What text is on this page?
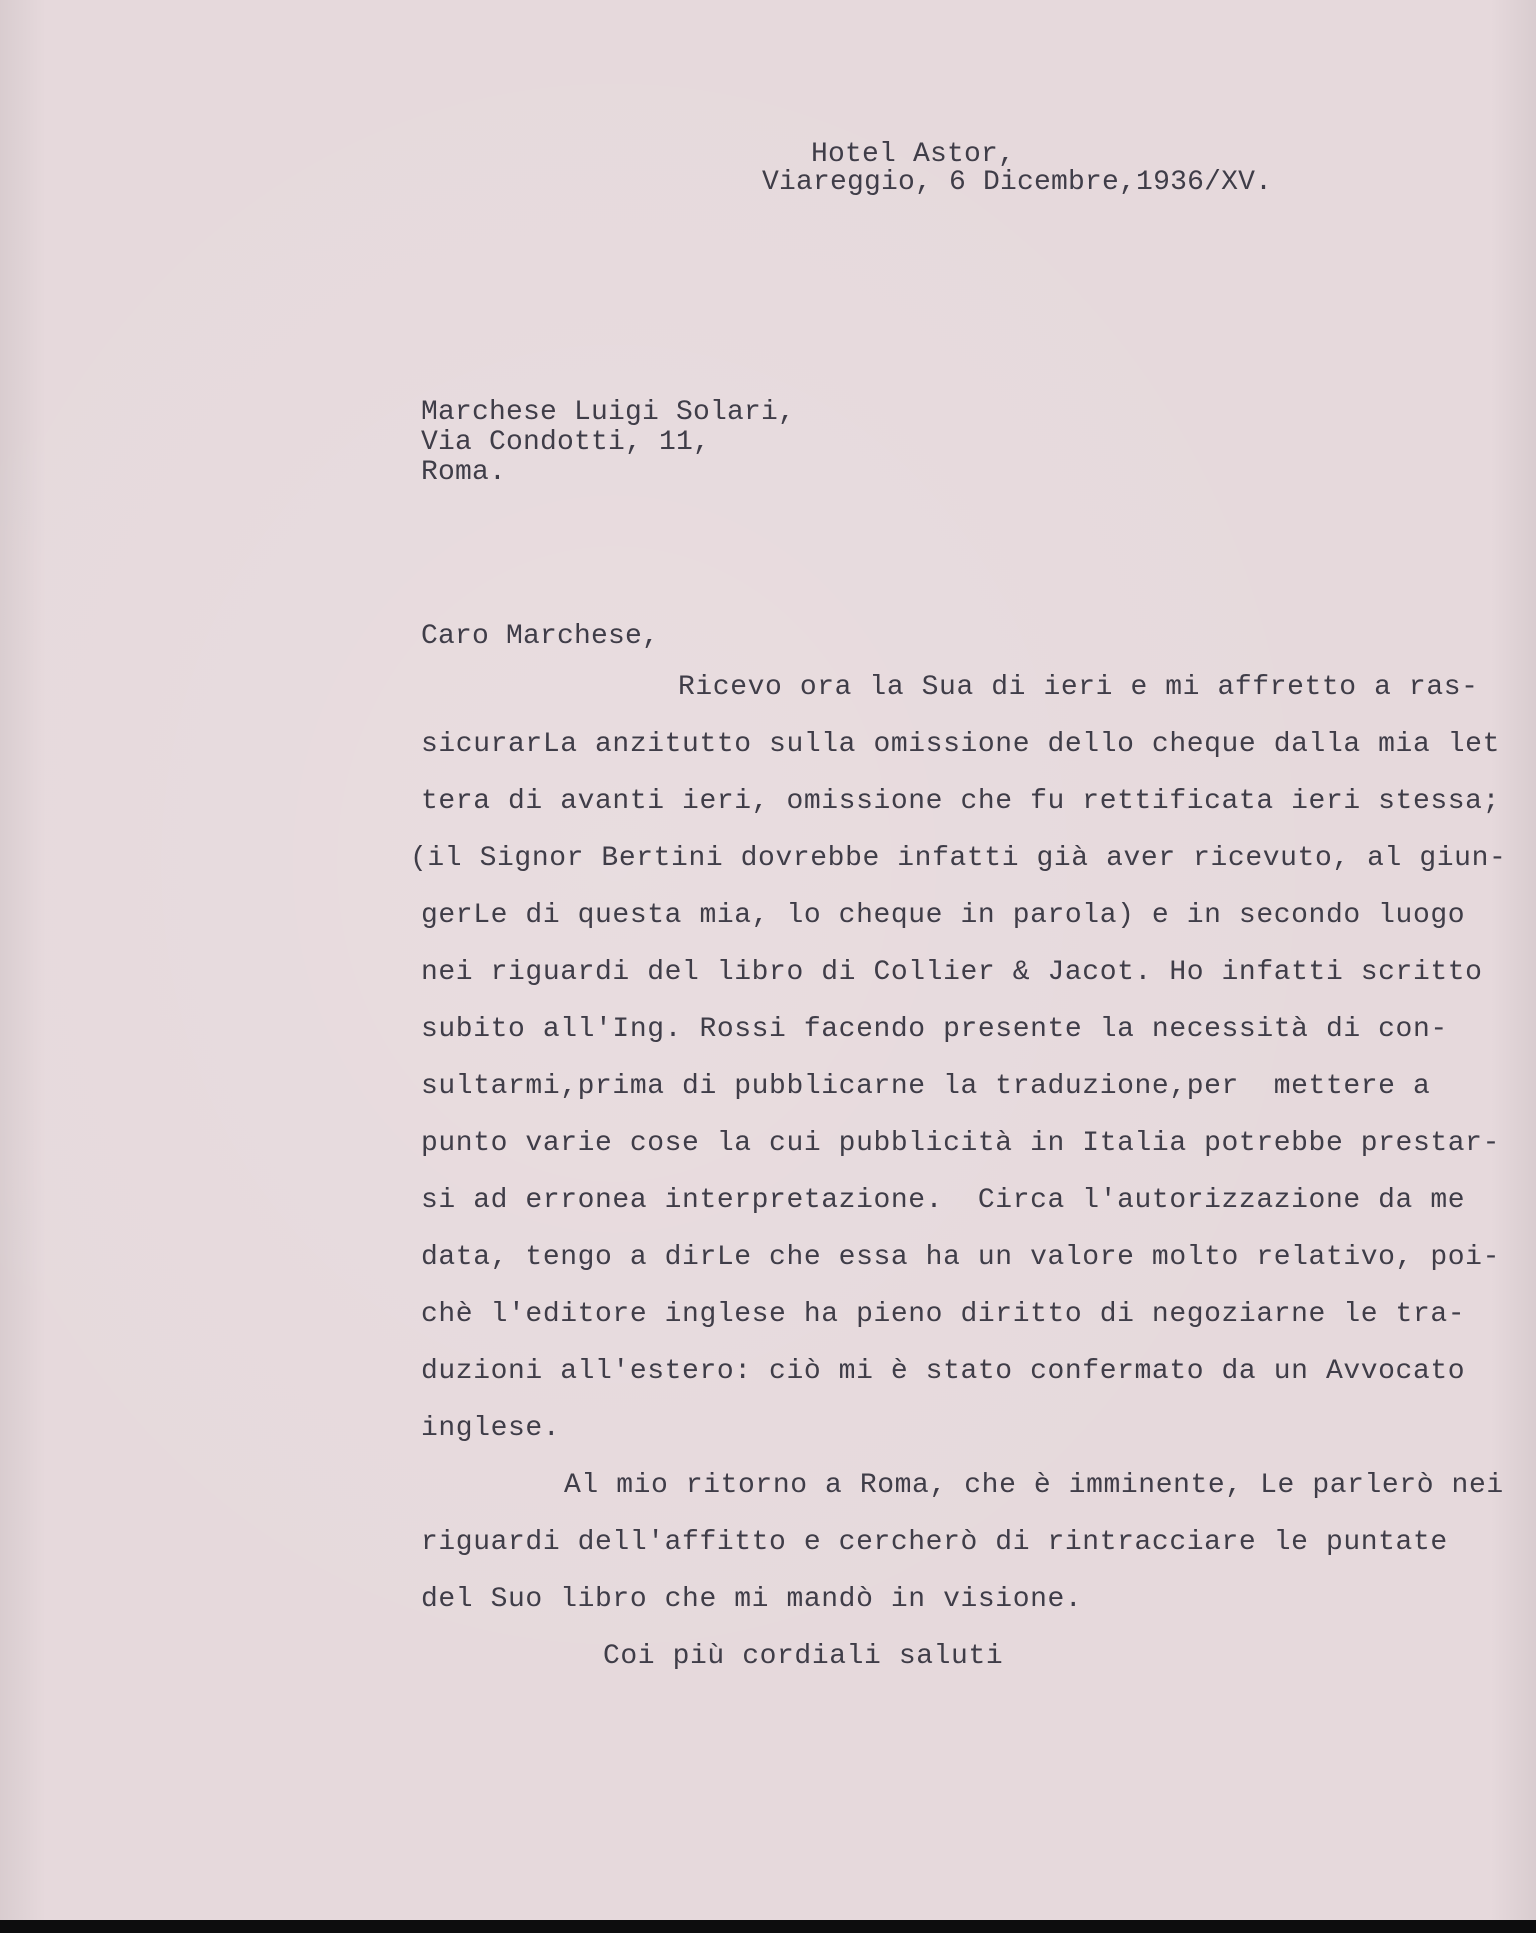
Hotel Astor,
Viareggio, 6 Dicembre,1936/XV.
Marchese Luigi Solari,
Via Condotti, 11,
Roma.
Caro Marchese,
Ricevo ora la Sua di ieri e mi affretto a ras-
sicurarLa anzitutto sulla omissione dello cheque dalla mia let
tera di avanti ieri, omissione che fu rettificata ieri stessa;
(il Signor Bertini dovrebbe infatti già aver ricevuto, al giun-
gerLe di questa mia, lo cheque in parola) e in secondo luogo
nei riguardi del libro di Collier & Jacot. Ho infatti scritto
subito all'Ing. Rossi facendo presente la necessità di con-
sultarmi,prima di pubblicarne la traduzione,per  mettere a
punto varie cose la cui pubblicità in Italia potrebbe prestar-
si ad erronea interpretazione.  Circa l'autorizzazione da me
data, tengo a dirLe che essa ha un valore molto relativo, poi-
chè l'editore inglese ha pieno diritto di negoziarne le tra-
duzioni all'estero: ciò mi è stato confermato da un Avvocato
inglese.
Al mio ritorno a Roma, che è imminente, Le parlerò nei
riguardi dell'affitto e cercherò di rintracciare le puntate
del Suo libro che mi mandò in visione.
Coi più cordiali saluti
